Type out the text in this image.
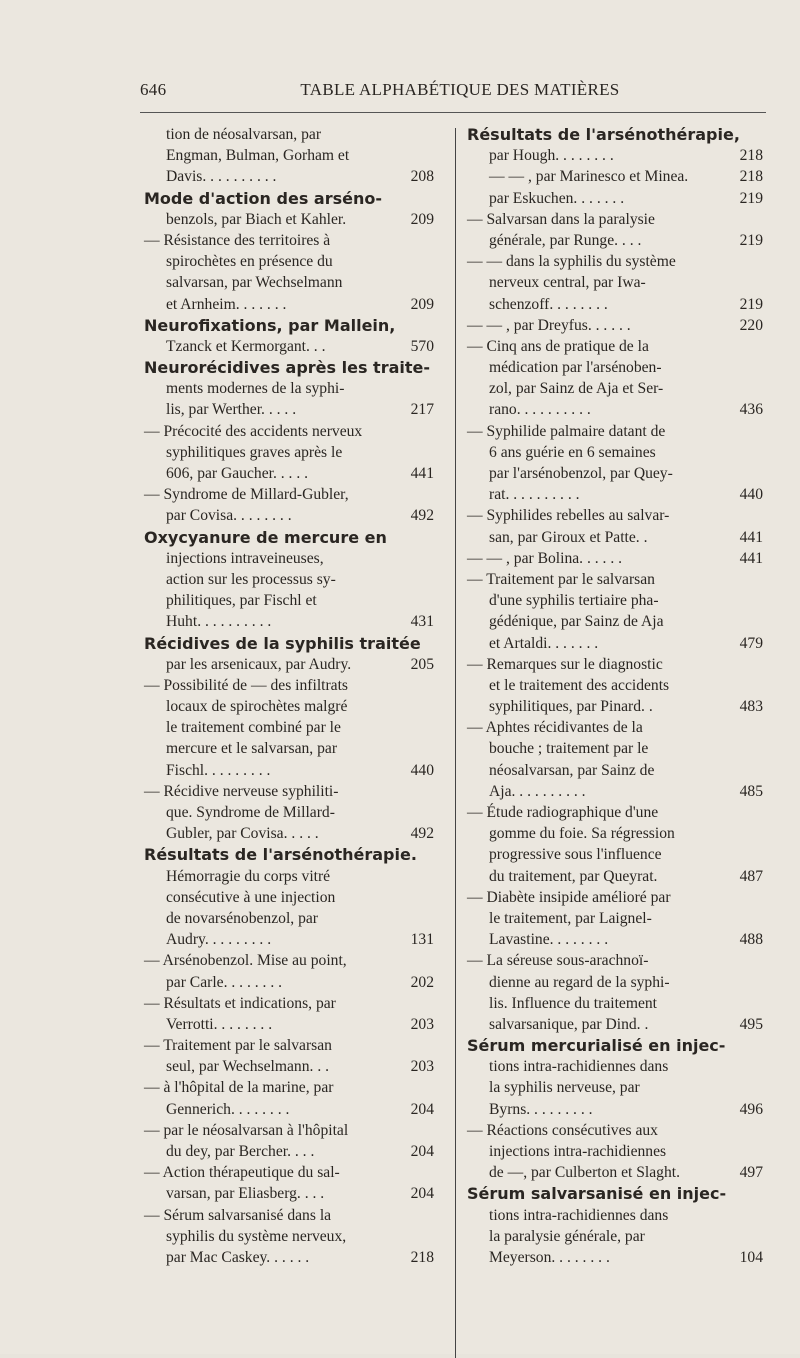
646	TABLE ALPHABÉTIQUE DES MATIÈRES
tion de néosalvarsan, par
Engman, Bulman, Gorham et
Davis. . . . . . . . . .	208
Mode d'action des arséno-
benzols, par Biach et Kahler.	209
— Résistance des territoires à
spirochètes en présence du
salvarsan, par Wechselmann
et Arnheim. . . . . . .	209
Neurofixations, par Mallein,
Tzanck et Kermorgant. . .	570
Neurorécidives après les traite-
ments modernes de la syphi-
lis, par Werther. . . . .	217
— Précocité des accidents nerveux
syphilitiques graves après le
606, par Gaucher. . . . .	441
— Syndrome de Millard-Gubler,
par Covisa. . . . . . . .	492
Oxycyanure de mercure en
injections intraveineuses,
action sur les processus sy-
philitiques, par Fischl et
Huht. . . . . . . . . .	431
Récidives de la syphilis traitée
par les arsenicaux, par Audry.	205
— Possibilité de — des infiltrats
locaux de spirochètes malgré
le traitement combiné par le
mercure et le salvarsan, par
Fischl. . . . . . . . .	440
— Récidive nerveuse syphiliti-
que. Syndrome de Millard-
Gubler, par Covisa. . . . .	492
Résultats de l'arsénothérapie.
Hémorragie du corps vitré
consécutive à une injection
de novarsénobenzol, par
Audry. . . . . . . . .	131
— Arsénobenzol. Mise au point,
par Carle. . . . . . . .	202
— Résultats et indications, par
Verrotti. . . . . . . .	203
— Traitement par le salvarsan
seul, par Wechselmann. . .	203
— à l'hôpital de la marine, par
Gennerich. . . . . . . .	204
— par le néosalvarsan à l'hôpital
du dey, par Bercher. . . .	204
— Action thérapeutique du sal-
varsan, par Eliasberg. . . .	204
— Sérum salvarsanisé dans la
syphilis du système nerveux,
par Mac Caskey. . . . . .	218
Résultats de l'arsénothérapie,
par Hough. . . . . . . .	218
— — , par Marinesco et Minea.	218
par Eskuchen. . . . . . .	219
— Salvarsan dans la paralysie
générale, par Runge. . . .	219
— — dans la syphilis du système
nerveux central, par Iwa-
schenzoff. . . . . . . .	219
— — , par Dreyfus. . . . . .	220
— Cinq ans de pratique de la
médication par l'arsénoben-
zol, par Sainz de Aja et Ser-
rano. . . . . . . . . .	436
— Syphilide palmaire datant de
6 ans guérie en 6 semaines
par l'arsénobenzol, par Quey-
rat. . . . . . . . . .	440
— Syphilides rebelles au salvar-
san, par Giroux et Patte. .	441
— — , par Bolina. . . . . .	441
— Traitement par le salvarsan
d'une syphilis tertiaire pha-
gédénique, par Sainz de Aja
et Artaldi. . . . . . .	479
— Remarques sur le diagnostic
et le traitement des accidents
syphilitiques, par Pinard. .	483
— Aphtes récidivantes de la
bouche ; traitement par le
néosalvarsan, par Sainz de
Aja. . . . . . . . . .	485
— Étude radiographique d'une
gomme du foie. Sa régression
progressive sous l'influence
du traitement, par Queyrat.	487
— Diabète insipide amélioré par
le traitement, par Laignel-
Lavastine. . . . . . . .	488
— La séreuse sous-arachnoï-
dienne au regard de la syphi-
lis. Influence du traitement
salvarsanique, par Dind. .	495
Sérum mercurialisé en injec-
tions intra-rachidiennes dans
la syphilis nerveuse, par
Byrns. . . . . . . . .	496
— Réactions consécutives aux
injections intra-rachidiennes
de —, par Culberton et Slaght.	497
Sérum salvarsanisé en injec-
tions intra-rachidiennes dans
la paralysie générale, par
Meyerson. . . . . . . .	104
